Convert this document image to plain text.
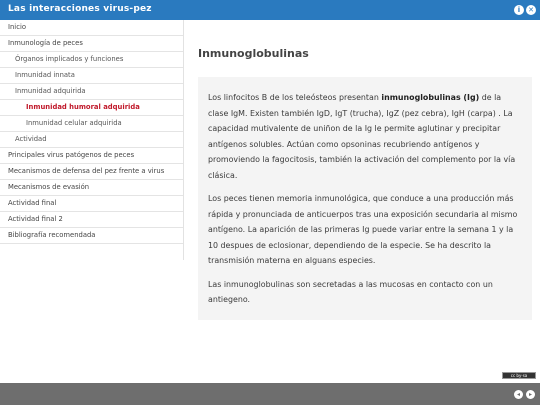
Las interacciones virus-pez	i	✕
Inicio
Inmunología de peces
Órganos implicados y funciones
Inmunidad innata
Inmunidad adquirida
Inmunidad humoral adquirida
Inmunidad celular adquirida
Actividad
Principales virus patógenos de peces
Mecanismos de defensa del pez frente a virus
Mecanismos de evasión
Actividad final
Actividad final 2
Bibliografía recomendada
Inmunoglobulinas

Los linfocitos B de los teleósteos presentan inmunoglobulinas (Ig) de la clase IgM. Existen también IgD, IgT (trucha), IgZ (pez cebra), IgH (carpa) . La capacidad mutivalente de uniñon de la Ig le permite aglutinar y precipitar antígenos solubles. Actúan como opsoninas recubriendo antígenos y promoviendo la fagocitosis, también la activación del complemento por la vía clásica.

Los peces tienen memoria inmunológica, que conduce a una producción más rápida y pronunciada de anticuerpos tras una exposición secundaria al mismo antígeno. La aparición de las primeras Ig puede variar entre la semana 1 y la 10 despues de eclosionar, dependiendo de la especie. Se ha descrito la transmisión materna en alguans especies.

Las inmunoglobulinas son secretadas a las mucosas en contacto con un antiegeno.

cc by-sa
◂	▸
